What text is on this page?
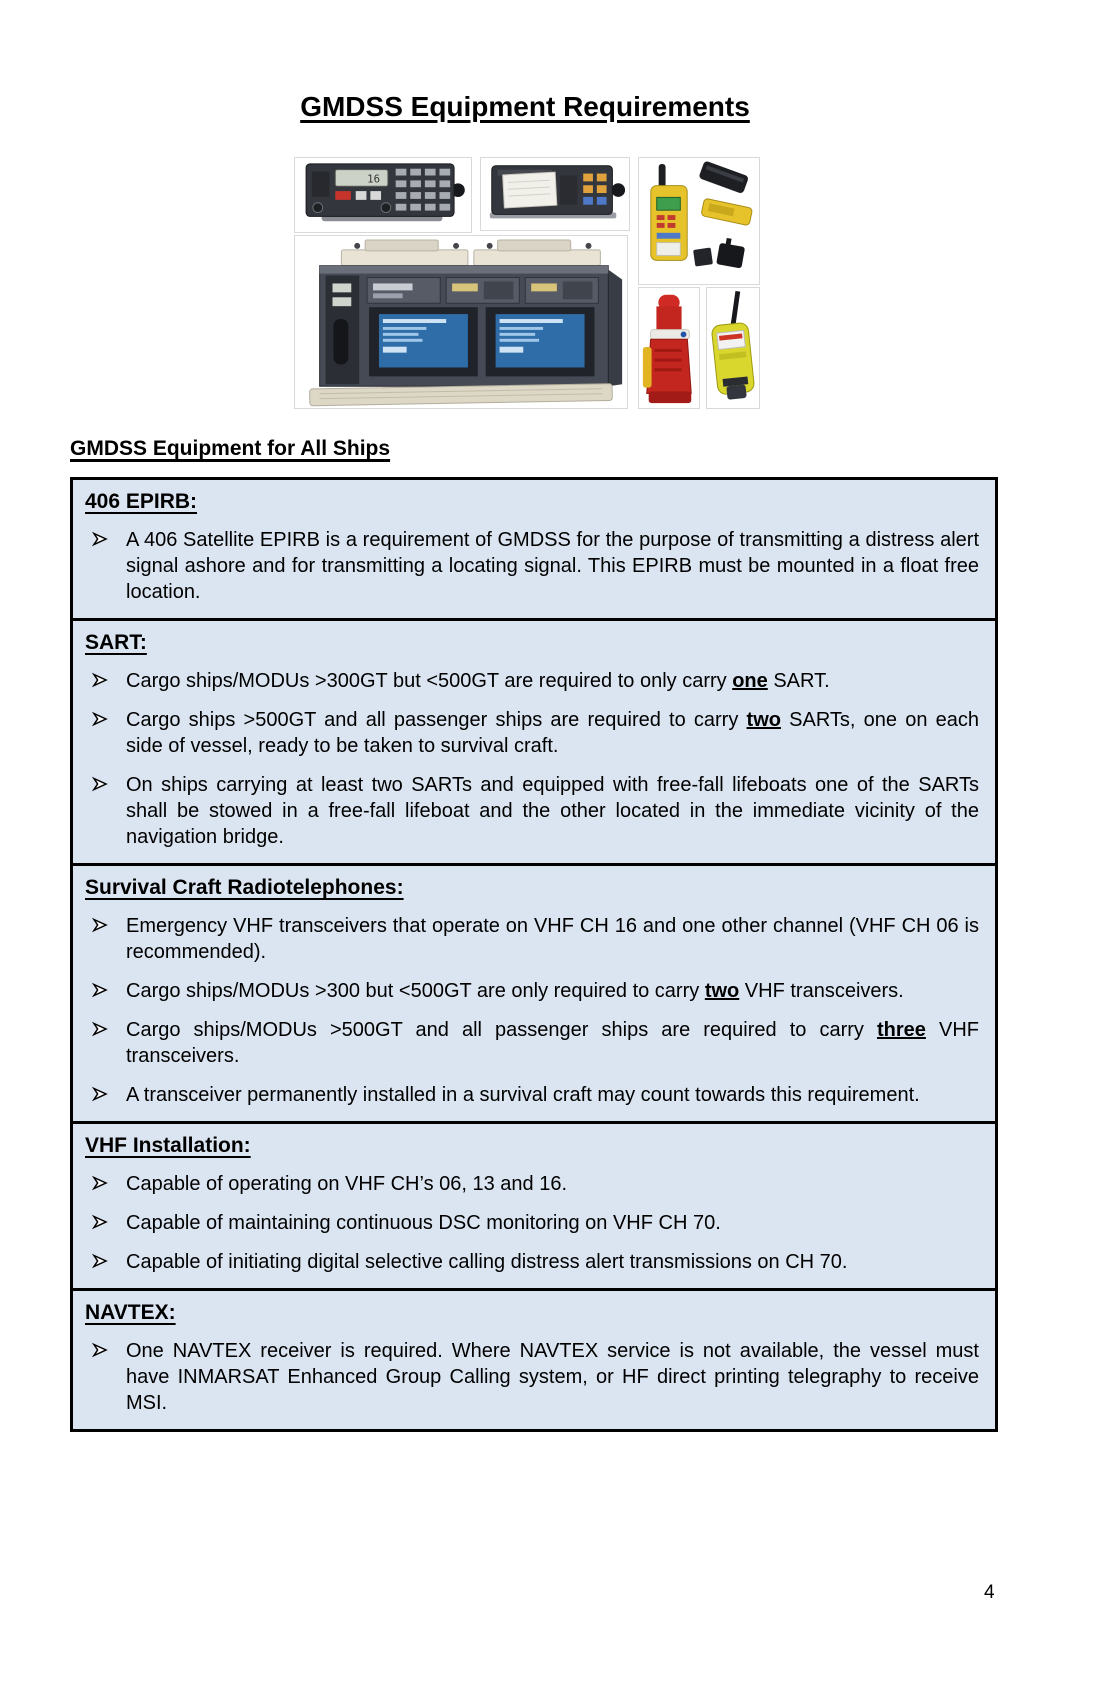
GMDSS Equipment Requirements
16
GMDSS Equipment for All Ships
406 EPIRB:

A 406 Satellite EPIRB is a requirement of GMDSS for the purpose of transmitting a distress alert signal ashore and for transmitting a locating signal. This EPIRB must be mounted in a float free location.

SART:

Cargo ships/MODUs >300GT but <500GT are required to only carry one SART.

Cargo ships >500GT and all passenger ships are required to carry two SARTs, one on each side of vessel, ready to be taken to survival craft.

On ships carrying at least two SARTs and equipped with free-fall lifeboats one of the SARTs shall be stowed in a free-fall lifeboat and the other located in the immediate vicinity of the navigation bridge.

Survival Craft Radiotelephones:

Emergency VHF transceivers that operate on VHF CH 16 and one other channel (VHF CH 06 is recommended).

Cargo ships/MODUs >300 but <500GT are only required to carry two VHF transceivers.

Cargo ships/MODUs >500GT and all passenger ships are required to carry three VHF transceivers.

A transceiver permanently installed in a survival craft may count towards this requirement.

VHF Installation:

Capable of operating on VHF CH’s 06, 13 and 16.

Capable of maintaining continuous DSC monitoring on VHF CH 70.

Capable of initiating digital selective calling distress alert transmissions on CH 70.

NAVTEX:

One NAVTEX receiver is required. Where NAVTEX service is not available, the vessel must have INMARSAT Enhanced Group Calling system, or HF direct printing telegraphy to receive MSI.

4
